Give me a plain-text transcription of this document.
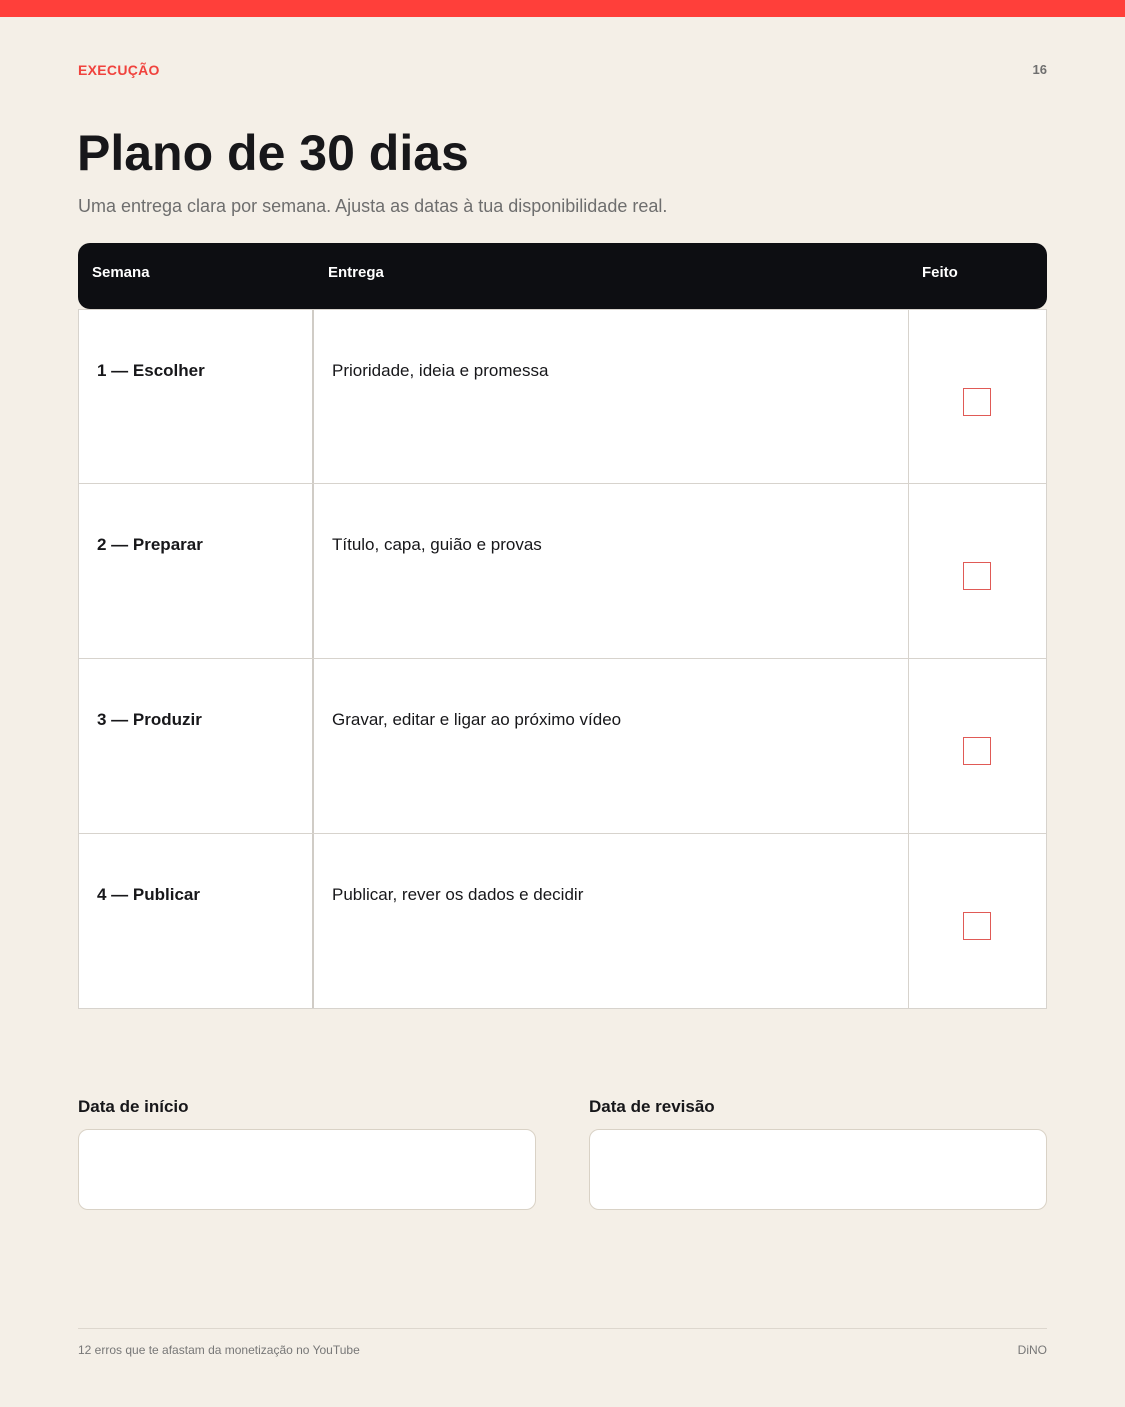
EXECUÇÃO	16
Plano de 30 dias
Uma entrega clara por semana. Ajusta as datas à tua disponibilidade real.
Semana	Entrega	Feito
1 — Escolher	Prioridade, ideia e promessa
2 — Preparar	Título, capa, guião e provas
3 — Produzir	Gravar, editar e ligar ao próximo vídeo
4 — Publicar	Publicar, rever os dados e decidir
Data de início	Data de revisão
12 erros que te afastam da monetização no YouTube	DiNO
